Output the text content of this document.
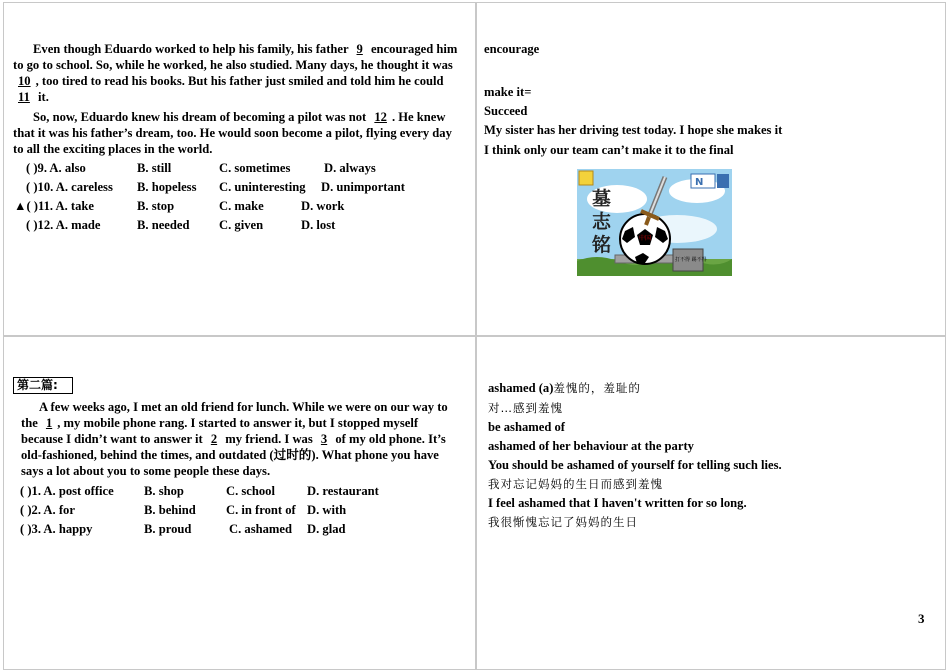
Even though Eduardo worked to help his family, his father 9 encouraged him to go to school. So, while he worked, he also studied. Many days, he thought it was 10 , too tired to read his books. But his father just smiled and told him he could 11 it.
So, now, Eduardo knew his dream of becoming a pilot was not 12 . He knew that it was his father’s dream, too. He would soon become a pilot, flying every day to all the exciting places in the world.
( )9. A. also	B. still	C. sometimes	D. always
( )10. A. careless B. hopeless C. uninteresting D. unimportant
▲( )11. A. take	B. stop	C. make	D. work
( )12. A. made	B. needed C. given	D. lost
encourage
make it=
Succeed
My sister has her driving test today. I hope she makes it
I think only our team can’t make it to the final
墓
志
铭
N
中国
打不得 踢不得
第二篇:
A few weeks ago, I met an old friend for lunch. While we were on our way to the 1 , my mobile phone rang. I started to answer it, but I stopped myself because I didn’t want to answer it 2 my friend. I was 3 of my old phone. It’s old-fashioned, behind the times, and outdated (过时的). What phone you have says a lot about you to some people these days.
( )1. A. post office B. shop	C. school	D. restaurant
( )2. A. for	B. behind C. in front of D. with
( )3. A. happy	B. proud	C. ashamed D. glad
ashamed (a)羞愧的，羞耻的
对…感到羞愧
be ashamed of
ashamed of her behaviour at the party
You should be ashamed of yourself for telling such lies.
我对忘记妈妈的生日而感到羞愧
I feel ashamed that I haven't written for so long.
我很惭愧忘记了妈妈的生日
3
